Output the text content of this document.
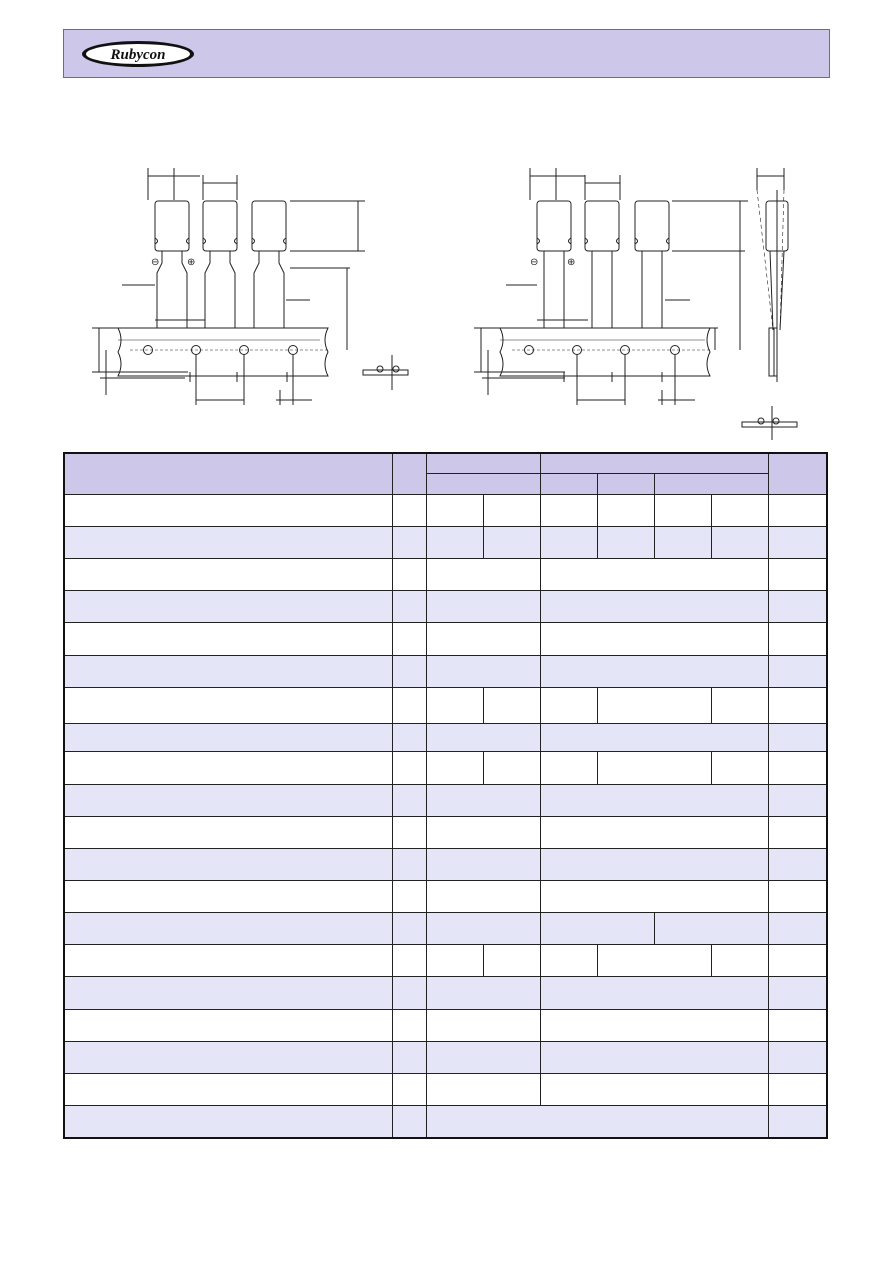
Rubycon
⊖	⊕	⊖	⊕
